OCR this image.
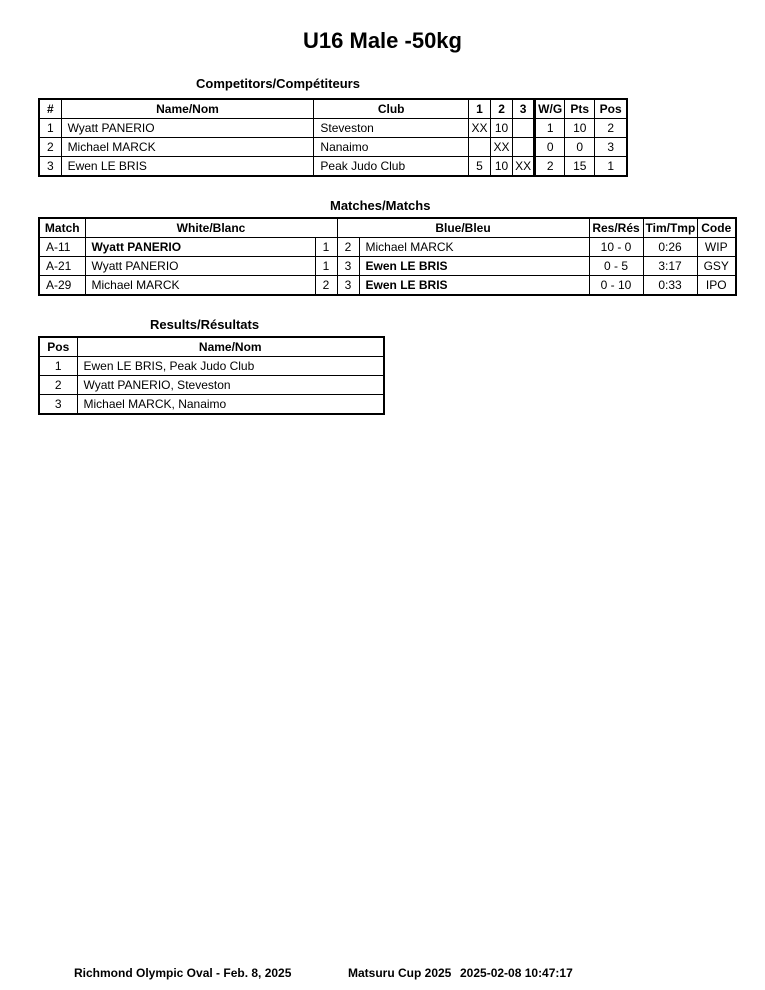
U16 Male -50kg
Competitors/Compétiteurs
#	Name/Nom	Club	1	2	3	W/G	Pts	Pos
1	Wyatt PANERIO	Steveston	XX	10		1	10	2
2	Michael MARCK	Nanaimo		XX		0	0	3
3	Ewen LE BRIS	Peak Judo Club	5	10	XX	2	15	1
Matches/Matchs
Match	White/Blanc		Blue/Bleu		Res/Rés	Tim/Tmp	Code
A-11	Wyatt PANERIO	1	2	Michael MARCK	10 - 0	0:26	WIP
A-21	Wyatt PANERIO	1	3	Ewen LE BRIS	0 - 5	3:17	GSY
A-29	Michael MARCK	2	3	Ewen LE BRIS	0 - 10	0:33	IPO
Results/Résultats
Pos	Name/Nom
1	Ewen LE BRIS, Peak Judo Club
2	Wyatt PANERIO, Steveston
3	Michael MARCK, Nanaimo
Richmond Olympic Oval - Feb. 8, 2025	Matsuru Cup 2025 2025-02-08 10:47:17
